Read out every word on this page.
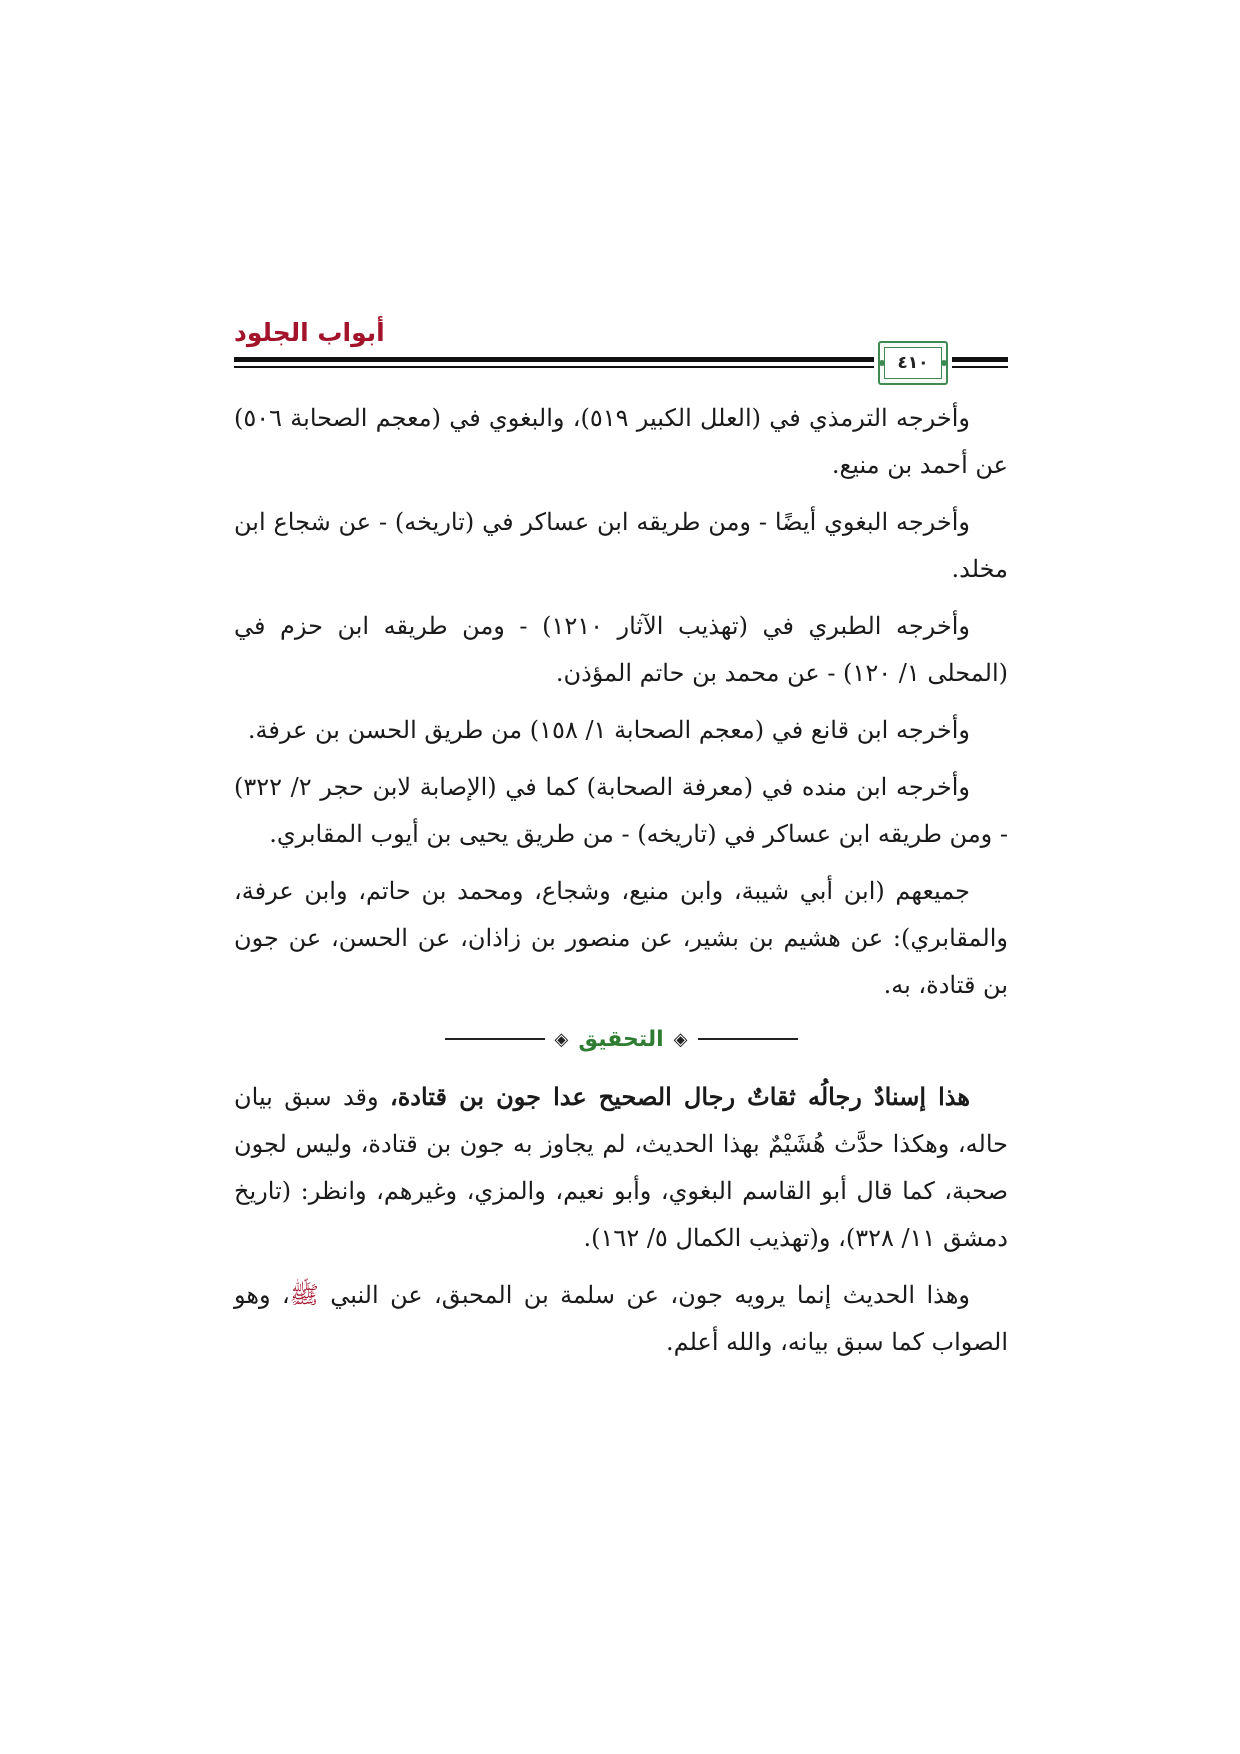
أبواب الجلود
٤١٠

وأخرجه الترمذي في (العلل الكبير ٥١٩)، والبغوي في (معجم الصحابة ٥٠٦) عن أحمد بن منيع.

وأخرجه البغوي أيضًا - ومن طريقه ابن عساكر في (تاريخه) - عن شجاع ابن مخلد.

وأخرجه الطبري في (تهذيب الآثار ١٢١٠) - ومن طريقه ابن حزم في (المحلى ١/ ١٢٠) - عن محمد بن حاتم المؤذن.

وأخرجه ابن قانع في (معجم الصحابة ١/ ١٥٨) من طريق الحسن بن عرفة.

وأخرجه ابن منده في (معرفة الصحابة) كما في (الإصابة لابن حجر ٢/ ٣٢٢) - ومن طريقه ابن عساكر في (تاريخه) - من طريق يحيى بن أيوب المقابري.

جميعهم (ابن أبي شيبة، وابن منيع، وشجاع، ومحمد بن حاتم، وابن عرفة، والمقابري): عن هشيم بن بشير، عن منصور بن زاذان، عن الحسن، عن جون بن قتادة، به.

◈
التحقيق
◈

هذا إسنادٌ رجالُه ثقاتٌ رجال الصحيح عدا جون بن قتادة، وقد سبق بيان حاله، وهكذا حدَّث هُشَيْمٌ بهذا الحديث، لم يجاوز به جون بن قتادة، وليس لجون صحبة، كما قال أبو القاسم البغوي، وأبو نعيم، والمزي، وغيرهم، وانظر: (تاريخ دمشق ١١/ ٣٢٨)، و(تهذيب الكمال ٥/ ١٦٢).

وهذا الحديث إنما يرويه جون، عن سلمة بن المحبق، عن النبي ﷺ، وهو الصواب كما سبق بيانه، والله أعلم.
